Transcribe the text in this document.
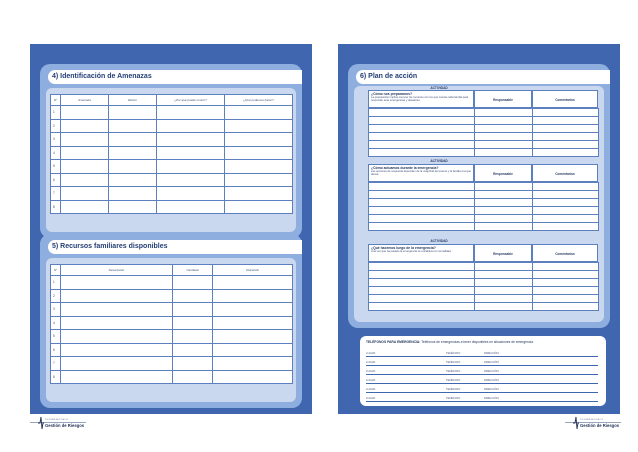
4) Identificación de Amenazas
N°	Amenaza	Efecto	¿Por qué puede ocurrir?	¿Qué podemos hacer?
1				
2				
3				
4				
5				
6				
7				
8				
5) Recursos familiares disponibles
N°	Descripción	Cantidad	Ubicación
1			
2			
3			
4			
5			
6			
7			
8			
6) Plan de acción
ACTIVIDAD
¿Cómo nos preparamos?
La preparación implica conocer los recursos con los que cuenta cada familia para responder ante emergencias y desastres.	Responsable	Comentarios

ACTIVIDAD
¿Cómo actuamos durante la emergencia?
Las acciones de respuesta dependen de la magnitud del evento y la familia a la que afecte.	Responsable	Comentarios

ACTIVIDAD
¿Qué hacemos luego de la emergencia?
Una vez que ha pasado la emergencia se restablece la normalidad.
Responsable	Comentarios

TELÉFONOS PARA EMERGENCIA: Teléfonos de emergencias a tener disponibles en situaciones de emergencia
LUGAR:	TEFÉFONO:	DIRECCIÓN:
LUGAR:	TEFÉFONO:	DIRECCIÓN:
LUGAR:	TEFÉFONO:	DIRECCIÓN:
LUGAR:	TEFÉFONO:	DIRECCIÓN:
LUGAR:	TEFÉFONO:	DIRECCIÓN:
LUGAR:	TEFÉFONO:	DIRECCIÓN:
PROGRAMA NACIONAL DE
Gestión de Riesgos
PROGRAMA NACIONAL DE
Gestión de Riesgos
